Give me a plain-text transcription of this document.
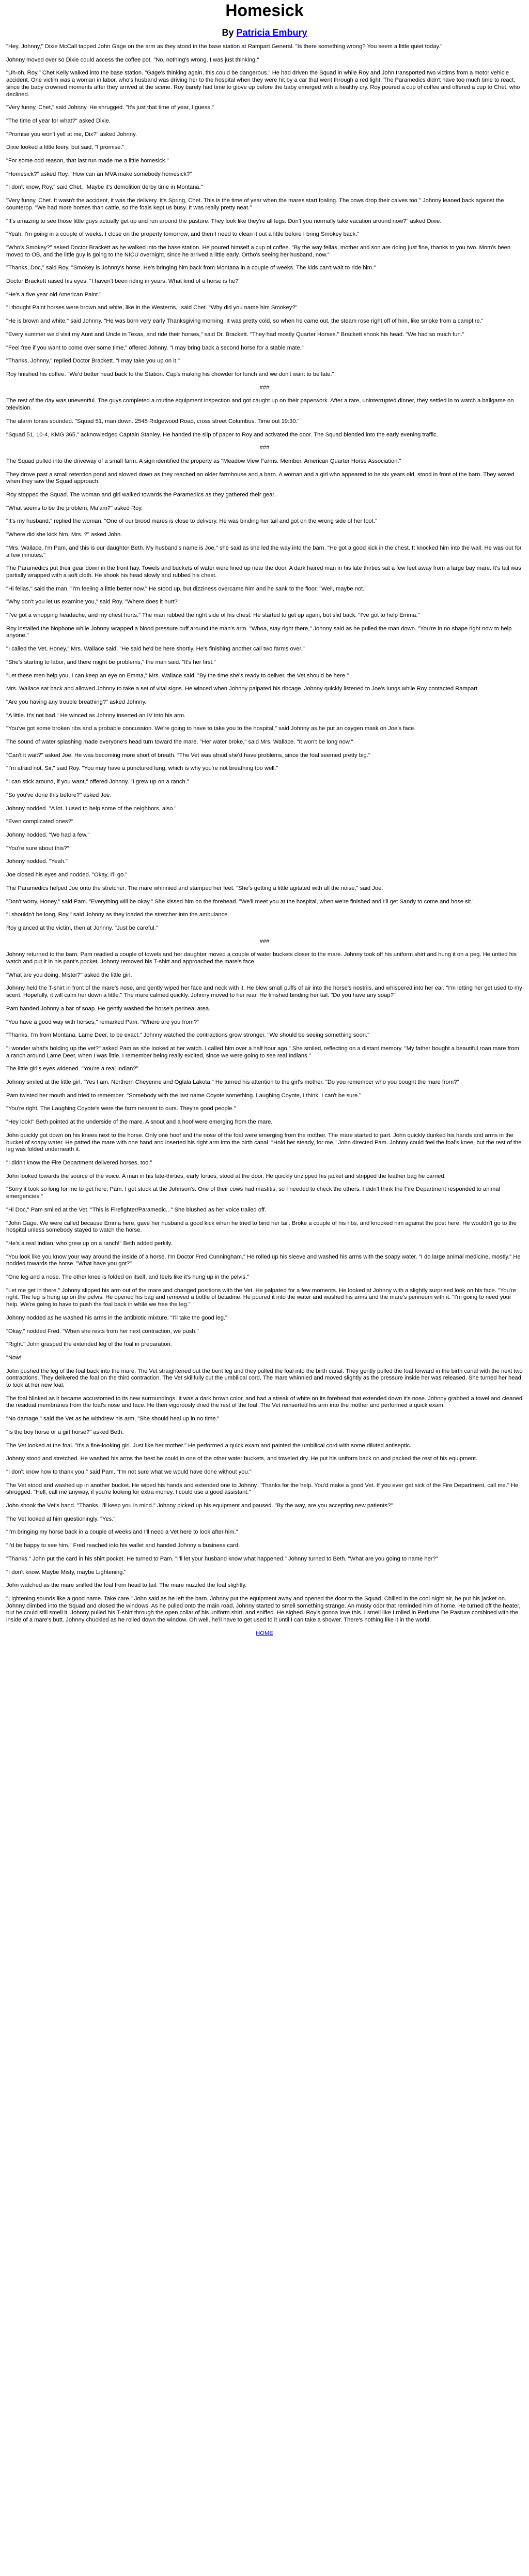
Homesick
By Patricia Embury

"Hey, Johnny," Dixie McCall tapped John Gage on the arm as they stood in the base station at Rampart General. "Is there something wrong? You seem a little quiet today."

Johnny moved over so Dixie could access the coffee pot. "No, nothing's wrong. I was just thinking."

"Uh-oh, Roy," Chet Kelly walked into the base station. "Gage's thinking again, this could be dangerous." He had driven the Squad in while Roy and John transported two victims from a motor vehicle accident. One victim was a woman in labor, who's husband was driving her to the hospital when they were hit by a car that went through a red light. The Paramedics didn't have too much time to react, since the baby crowned moments after they arrived at the scene. Roy barely had time to glove up before the baby emerged with a healthy cry. Roy poured a cup of coffee and offered a cup to Chet, who declined.

"Very funny, Chet," said Johnny. He shrugged. "It's just that time of year, I guess."

"The time of year for what?" asked Dixie.

"Promise you won't yell at me, Dix?" asked Johnny.

Dixie looked a little leery, but said, "I promise."

"For some odd reason, that last run made me a little homesick."

"Homesick?" asked Roy. "How can an MVA make somebody homesick?"

"I don't know, Roy," said Chet, "Maybe it's demolition derby time in Montana."

"Very funny, Chet. It wasn't the accident, it was the delivery. It's Spring, Chet. This is the time of year when the mares start foaling. The cows drop their calves too." Johnny leaned back against the counterop. "We had more horses than cattle, so the foals kept us busy. It was really pretty neat."

"It's amazing to see those little guys actually get up and run around the pasture. They look like they're all legs. Don't you normally take vacation around now?" asked Dixie.

"Yeah. I'm going in a couple of weeks. I close on the property tomorrow, and then I need to clean it out a little before I bring Smokey back."

"Who's Smokey?" asked Doctor Brackett as he walked into the base station. He poured himself a cup of coffee. "By the way fellas, mother and son are doing just fine, thanks to you two. Mom's been moved to OB, and the little guy is going to the NICU overnight, since he arrived a little early. Ortho's seeing her husband, now."

"Thanks, Doc," said Roy. "Smokey is Johnny's horse. He's bringing him back from Montana in a couple of weeks. The kids can't wait to ride him."

Doctor Brackett raised his eyes. "I haven't been riding in years. What kind of a horse is he?"

"He's a five year old American Paint."

"I thought Paint horses were brown and white, like in the Westerns," said Chet. "Why did you name him Smokey?"

"He is brown and white," said Johnny. "He was born very early Thanksgiving morning. It was pretty cold, so when he came out, the steam rose right off of him, like smoke from a campfire."

"Every summer we'd visit my Aunt and Uncle in Texas, and ride their horses," said Dr. Brackett. "They had mostly Quarter Horses." Brackett shook his head. "We had so much fun."

"Feel free if you want to come over some time," offered Johnny. "I may bring back a second horse for a stable mate."

"Thanks, Johnny," replied Doctor Brackett. "I may take you up on it."

Roy finished his coffee. "We'd better head back to the Station. Cap's making his chowder for lunch and we don't want to be late."

###

The rest of the day was uneventful. The guys completed a routine equipment inspection and got caught up on their paperwork. After a rare, uninterrupted dinner, they settled in to watch a ballgame on television.

The alarm tones sounded. "Squad 51, man down. 2545 Ridgewood Road, cross street Columbus. Time out 19:30."

"Squad 51, 10-4, KMG 365," acknowledged Captain Stanley. He handed the slip of paper to Roy and activated the door. The Squad blended into the early evening traffic.

###

The Squad pulled into the driveway of a small farm. A sign identified the property as "Meadow View Farms. Member, American Quarter Horse Association."

They drove past a small retention pond and slowed down as they reached an older farmhouse and a barn. A woman and a girl who appeared to be six years old, stood in front of the barn. They waved when they saw the Squad approach.

Roy stopped the Squad. The woman and girl walked towards the Paramedics as they gathered their gear.

"What seems to be the problem, Ma'am?" asked Roy.

"It's my husband," replied the woman. "One of our brood mares is close to delivery. He was binding her tail and got on the wrong side of her foot."

"Where did she kick him, Mrs. ?" asked John.

"Mrs. Wallace. I'm Pam, and this is our daughter Beth. My husband's name is Joe," she said as she led the way into the barn. "He got a good kick in the chest. It knocked him into the wall. He was out for a few minutes."

The Paramedics put their gear down in the front hay. Towels and buckets of water were lined up near the door. A dark haired man in his late thirties sat a few feet away from a large bay mare. It's tail was partially wrapped with a soft cloth. He shook his head slowly and rubbed his chest.

"Hi fellas," said the man. "I'm feeling a little better now." He stood up, but dizziness overcame him and he sank to the floor. "Well, maybe not."

"Why don't you let us examine you," said Roy. "Where does it hurt?"

"I've got a whopping headache, and my chest hurts." The man rubbed the right side of his chest. He started to get up again, but slid back. "I've got to help Emma."

Roy installed the biophone while Johnny wrapped a blood pressure cuff around the man's arm. "Whoa, stay right there," Johnny said as he pulled the man down. "You're in no shape right now to help anyone."

"I called the Vet, Honey," Mrs. Wallace said. "He said he'd be here shortly. He's finishing another call two farms over."

"She's starting to labor, and there might be problems," the man said. "It's her first."

"Let these men help you, I can keep an eye on Emma," Mrs. Wallace said. "By the time she's ready to deliver, the Vet should be here."

Mrs. Wallace sat back and allowed Johnny to take a set of vital signs. He winced when Johnny palpated his ribcage. Johnny quickly listened to Joe's lungs while Roy contacted Rampart.

"Are you having any trouble breathing?" asked Johnny.

"A little. It's not bad." He winced as Johnny inserted an IV into his arm.

"You've got some broken ribs and a probable concussion. We're going to have to take you to the hospital," said Johnny as he put an oxygen mask on Joe's face.

The sound of water splashing made everyone's head turn toward the mare. "Her water broke," said Mrs. Wallace. "It won't be long now."

"Can't it wait?" asked Joe. He was becoming more short of breath. "The Vet was afraid she'd have problems, since the foal seemed pretty big."

"I'm afraid not, Sir," said Roy. "You may have a punctured lung, which is why you're not breathing too well."

"I can stick around, if you want," offered Johnny. "I grew up on a ranch."

"So you've done this before?" asked Joe.

Johnny nodded. "A lot. I used to help some of the neighbors, also."

"Even complicated ones?"

Johnny nodded. "We had a few."

"You're sure about this?"

Johnny nodded. "Yeah."

Joe closed his eyes and nodded. "Okay, I'll go."

The Paramedics helped Joe onto the stretcher. The mare whinnied and stamped her feet. "She's getting a little agitated with all the noise," said Joe.

"Don't worry, Honey," said Pam. "Everything will be okay." She kissed him on the forehead. "We'll meet you at the hospital, when we're finished and I'll get Sandy to come and hose sit."

"I shouldn't be long, Roy," said Johnny as they loaded the stretcher into the ambulance.

Roy glanced at the victim, then at Johnny. "Just be careful."

###

Johnny returned to the barn. Pam readied a couple of towels and her daughter moved a couple of water buckets closer to the mare. Johnny took off his uniform shirt and hung it on a peg. He untied his watch and put it in his pant's pocket. Johnny removed his T-shirt and approached the mare's face.

"What are you doing, Mister?" asked the little girl.

Johnny held the T-shirt in front of the mare's nose, and gently wiped her face and neck with it. He blew small puffs of air into the horse's nostrils, and whispered into her ear. "I'm letting her get used to my scent. Hopefully, it will calm her down a little." The mare calmed quickly. Johnny moved to her rear. He finished binding her tail. "Do you have any soap?"

Pam handed Johnny a bar of soap. He gently washed the horse's perineal area.

"You have a good way with horses," remarked Pam. "Where are you from?"

"Thanks. I'm from Montana. Lame Deer, to be exact." Johnny watched the contractions grow stronger. "We should be seeing something soon."

"I wonder what's holding up the vet?" asked Pam as she looked at her watch. I called him over a half hour ago." She smiled, reflecting on a distant memory. "My father bought a beautiful roan mare from a ranch around Lame Deer, when I was little. I remember being really excited, since we were going to see real Indians."

The little girl's eyes widened. "You're a real Indian?"

Johnny smiled at the little girl. "Yes I am. Northern Cheyenne and Oglala Lakota." He turned his attention to the girl's mother. "Do you remember who you bought the mare from?"

Pam twisted her mouth and tried to remember. "Somebody with the last name Coyote something. Laughing Coyote, I think. I can't be sure."

"You're right, The Laughing Coyote's were the farm nearest to ours. They're good people."

"Hey look!" Beth pointed at the underside of the mare. A snout and a hoof were emerging from the mare.

John quickly got down on his knees next to the horse. Only one hoof and the nose of the foal were emerging from the mother. The mare started to part. John quickly dunked his hands and arms in the bucket of soapy water. He patted the mare with one hand and inserted his right arm into the birth canal. "Hold her steady, for me," John directed Pam. Johnny could feel the foal's knee, but the rest of the leg was folded underneath it.

"I didn't know the Fire Department delivered horses, too."

John looked towards the source of the voice. A man in his late-thirties, early forties, stood at the door. He quickly unzipped his jacket and stripped the leather bag he carried.

"Sorry it took so long for me to get here, Pam. I got stuck at the Johnson's. One of their cows had mastitis, so I needed to check the others. I didn't think the Fire Department responded to animal emergencies."

"Hi Doc," Pam smiled at the Vet. "This is Firefighter/Paramedic..." She blushed as her voice trailed off.

"John Gage. We were called because Emma here, gave her husband a good kick when he tried to bind her tail. Broke a couple of his ribs, and knocked him against the post here. He wouldn't go to the hospital unless somebody stayed to watch the horse.

"He's a real Indian, who grew up on a ranch!" Beth added perkily.

"You look like you know your way around the inside of a horse. I'm Doctor Fred Cunningham." He rolled up his sleeve and washed his arms with the soapy water. "I do large animal medicine, mostly." He nodded towards the horse. "What have you got?"

"One leg and a nose. The other knee is folded on itself, and feels like it's hung up in the pelvis."

"Let me get in there." Johnny slipped his arm out of the mare and changed positions with the Vet. He palpated for a few moments. He looked at Johnny with a slightly surprised look on his face. "You're right. The leg is hung up on the pelvis. He opened his bag and removed a bottle of betadine. He poured it into the water and washed his arms and the mare's perineum with it. "I'm going to need your help. We're going to have to push the foal back in while we free the leg."

Johnny nodded as he washed his arms in the antibiotic mixture. "I'll take the good leg."

"Okay," nodded Fred. "When she rests from her next contraction, we push."

"Right." John grasped the extended leg of the foal in preparation.

"Now!"

John pushed the leg of the foal back into the mare. The Vet straightened out the bent leg and they pulled the foal into the birth canal. They gently pulled the foal forward in the birth canal with the next two contractions. They delivered the foal on the third contraction. The Vet skillfully cut the umbilical cord. The mare whinnied and moved slightly as the pressure inside her was released. She turned her head to look at her new foal.

The foal blinked as it became accustomed to its new surroundings. It was a dark brown color, and had a streak of white on its forehead that extended down it's nose. Johnny grabbed a towel and cleaned the residual membranes from the foal's nose and face. He then vigorously dried the rest of the foal. The Vet reinserted his arm into the mother and performed a quick exam.

"No damage," said the Vet as he withdrew his arm. "She should heal up in no time."

"Is the boy horse or a girl horse?" asked Beth.

The Vet looked at the foal. "It's a fine-looking girl. Just like her mother." He performed a quick exam and painted the umbilical cord with some diluted antiseptic.

Johnny stood and stretched. He washed his arms the best he could in one of the other water buckets, and toweled dry. He put his uniform back on and packed the rest of his equipment.

"I don't know how to thank you," said Pam. "I'm not sure what we would have done without you."

The Vet stood and washed up in another bucket. He wiped his hands and extended one to Johnny. "Thanks for the help. You'd make a good Vet. If you ever get sick of the Fire Department, call me." He shrugged. "Hell, call me anyway, if you're looking for extra money. I could use a good assistant."

John shook the Vet's hand. "Thanks. I'll keep you in mind." Johnny picked up his equipment and paused. "By the way, are you accepting new patients?"

The Vet looked at him questioningly. "Yes."

"I'm bringing my horse back in a couple of weeks and I'll need a Vet here to look after him."

"I'd be happy to see him." Fred reached into his wallet and handed Johnny a business card.

"Thanks." John put the card in his shirt pocket. He turned to Pam. "I'll let your husband know what happened." Johnny turned to Beth. "What are you going to name her?"

"I don't know. Maybe Misty, maybe Lightening."

John watched as the mare sniffed the foal from head to tail. The mare nuzzled the foal slightly.

"Lightening sounds like a good name. Take care." John said as he left the barn. Johnny put the equipment away and opened the door to the Squad. Chilled in the cool night air, he put his jacket on. Johnny climbed into the Squad and closed the windows. As he pulled onto the main road, Johnny started to smell something strange. An musty odor that reminded him of home. He turned off the heater, but he could still smell it. Johnny pulled his T-shirt through the open collar of his uniform shirt, and sniffed. He sighed. Roy's gonna love this. I smell like I rolled in Perfume De Pasture combined with the inside of a mare's butt. Johnny chuckled as he rolled down the window. Oh well, he'll have to get used to it until I can take a shower. There's nothing like it in the world.

HOME
